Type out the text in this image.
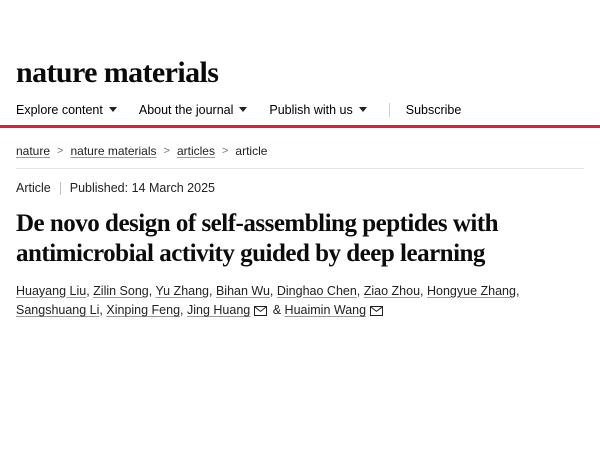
nature materials
Explore content	About the journal	Publish with us	Subscribe
nature > nature materials > articles > article
Article Published: 14 March 2025
De novo design of self-assembling peptides with antimicrobial activity guided by deep learning
Huayang Liu, Zilin Song, Yu Zhang, Bihan Wu, Dinghao Chen, Ziao Zhou, Hongyue Zhang, Sangshuang Li, Xinping Feng, Jing Huang & Huaimin Wang
